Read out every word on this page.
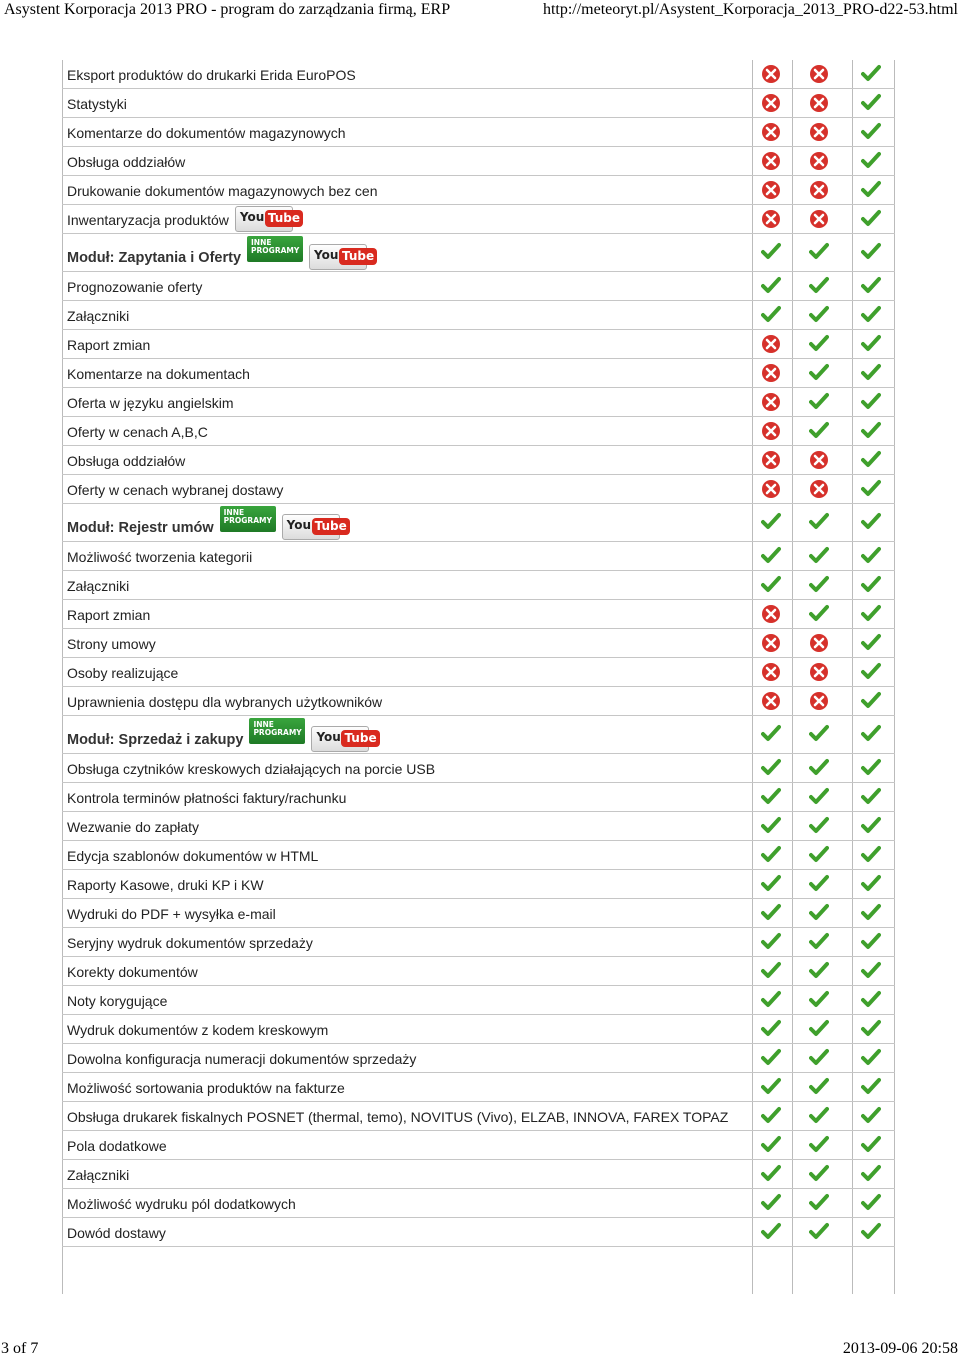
Asystent Korporacja 2013 PRO - program do zarządzania firmą, ERP	http://meteoryt.pl/Asystent_Korporacja_2013_PRO-d22-53.html
Eksport produktów do drukarki Erida EuroPOS
Statystyki
Komentarze do dokumentów magazynowych
Obsługa oddziałów
Drukowanie dokumentów magazynowych bez cen
Inwentaryzacja produktów You Tube
Moduł: Zapytania i Oferty
INNE
PROGRAMY You Tube
Prognozowanie oferty
Załączniki
Raport zmian
Komentarze na dokumentach
Oferta w języku angielskim
Oferty w cenach A,B,C
Obsługa oddziałów
Oferty w cenach wybranej dostawy
Moduł: Rejestr umów
INNE
PROGRAMY You Tube
Możliwość tworzenia kategorii
Załączniki
Raport zmian
Strony umowy
Osoby realizujące
Uprawnienia dostępu dla wybranych użytkowników
Moduł: Sprzedaż i zakupy
INNE
PROGRAMY You Tube
Obsługa czytników kreskowych działających na porcie USB
Kontrola terminów płatności faktury/rachunku
Wezwanie do zapłaty
Edycja szablonów dokumentów w HTML
Raporty Kasowe, druki KP i KW
Wydruki do PDF + wysyłka e-mail
Seryjny wydruk dokumentów sprzedaży
Korekty dokumentów
Noty korygujące
Wydruk dokumentów z kodem kreskowym
Dowolna konfiguracja numeracji dokumentów sprzedaży
Możliwość sortowania produktów na fakturze
Obsługa drukarek fiskalnych POSNET (thermal, temo), NOVITUS (Vivo), ELZAB, INNOVA, FAREX TOPAZ
Pola dodatkowe
Załączniki
Możliwość wydruku pól dodatkowych
Dowód dostawy
3 of 7	2013-09-06 20:58
